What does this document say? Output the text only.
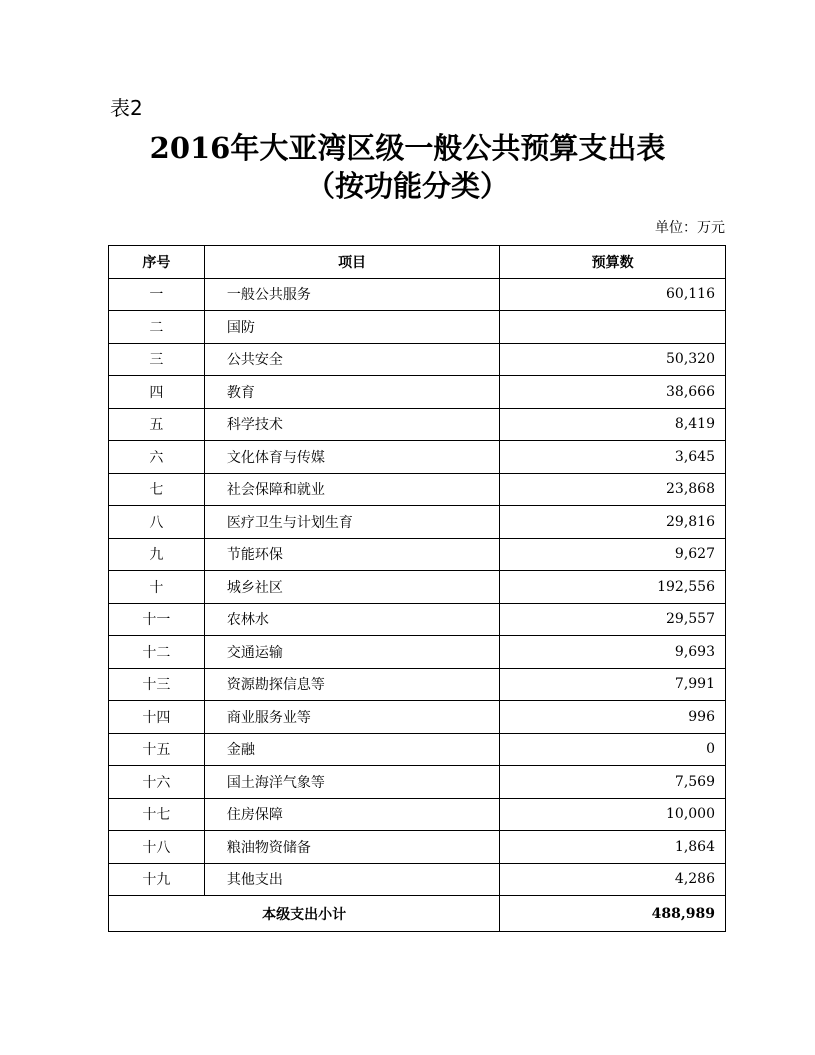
表2
2016年大亚湾区级一般公共预算支出表
（按功能分类）
单位：万元
序号	项目	预算数
一	一般公共服务	60,116
二	国防	
三	公共安全	50,320
四	教育	38,666
五	科学技术	8,419
六	文化体育与传媒	3,645
七	社会保障和就业	23,868
八	医疗卫生与计划生育	29,816
九	节能环保	9,627
十	城乡社区	192,556
十一	农林水	29,557
十二	交通运输	9,693
十三	资源勘探信息等	7,991
十四	商业服务业等	996
十五	金融	0
十六	国土海洋气象等	7,569
十七	住房保障	10,000
十八	粮油物资储备	1,864
十九	其他支出	4,286
本级支出小计		488,989
